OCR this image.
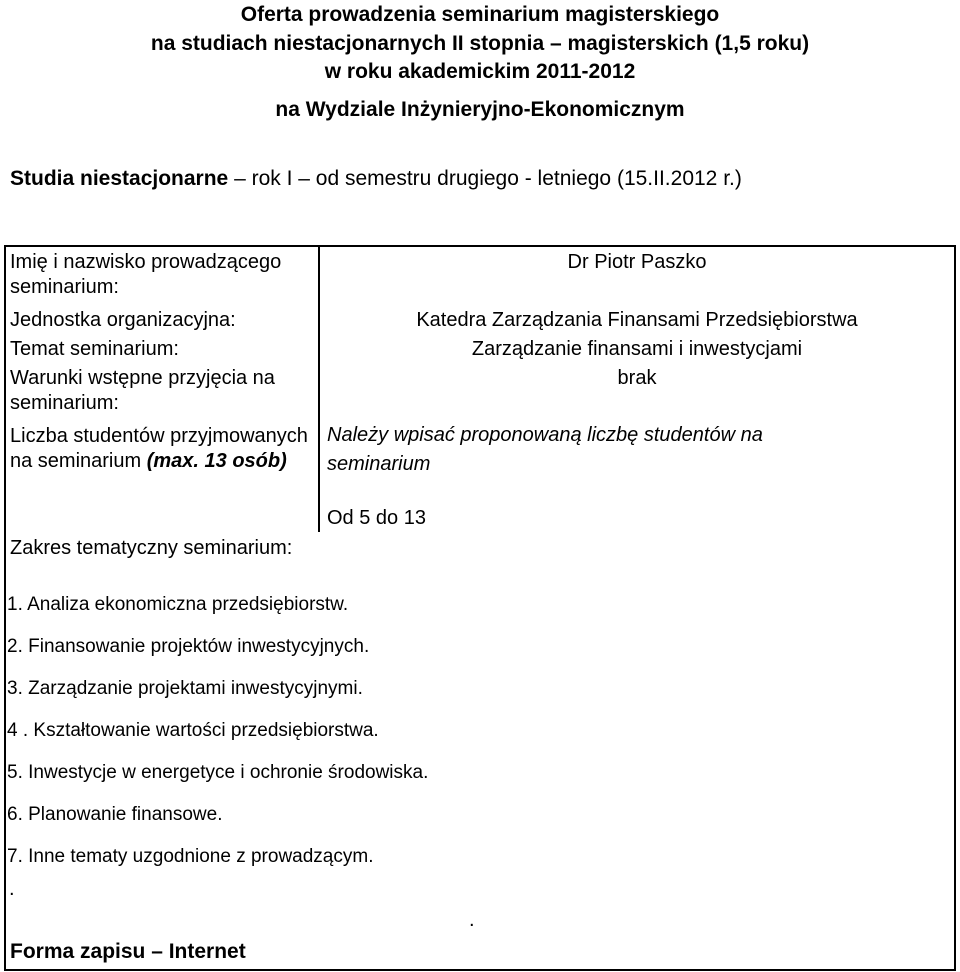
Oferta prowadzenia seminarium magisterskiego
na studiach niestacjonarnych II stopnia – magisterskich (1,5 roku)
w roku akademickim 2011-2012
na Wydziale Inżynieryjno-Ekonomicznym
Studia niestacjonarne – rok I – od semestru drugiego - letniego (15.II.2012 r.)
Imię i nazwisko prowadzącego seminarium:
Jednostka organizacyjna:
Temat seminarium:
Warunki wstępne przyjęcia na seminarium:
Liczba studentów przyjmowanych na seminarium (max. 13 osób)
Dr Piotr Paszko
Katedra Zarządzania Finansami Przedsiębiorstwa
Zarządzanie finansami i inwestycjami
brak
Należy wpisać proponowaną liczbę studentów na
seminarium
Od 5 do 13
Zakres tematyczny seminarium:
1. Analiza ekonomiczna przedsiębiorstw.
2. Finansowanie projektów inwestycyjnych.
3. Zarządzanie projektami inwestycyjnymi.
4 . Kształtowanie wartości przedsiębiorstwa.
5. Inwestycje w energetyce i ochronie środowiska.
6. Planowanie finansowe.
7. Inne tematy uzgodnione z prowadzącym.
.
.
Forma zapisu – Internet
